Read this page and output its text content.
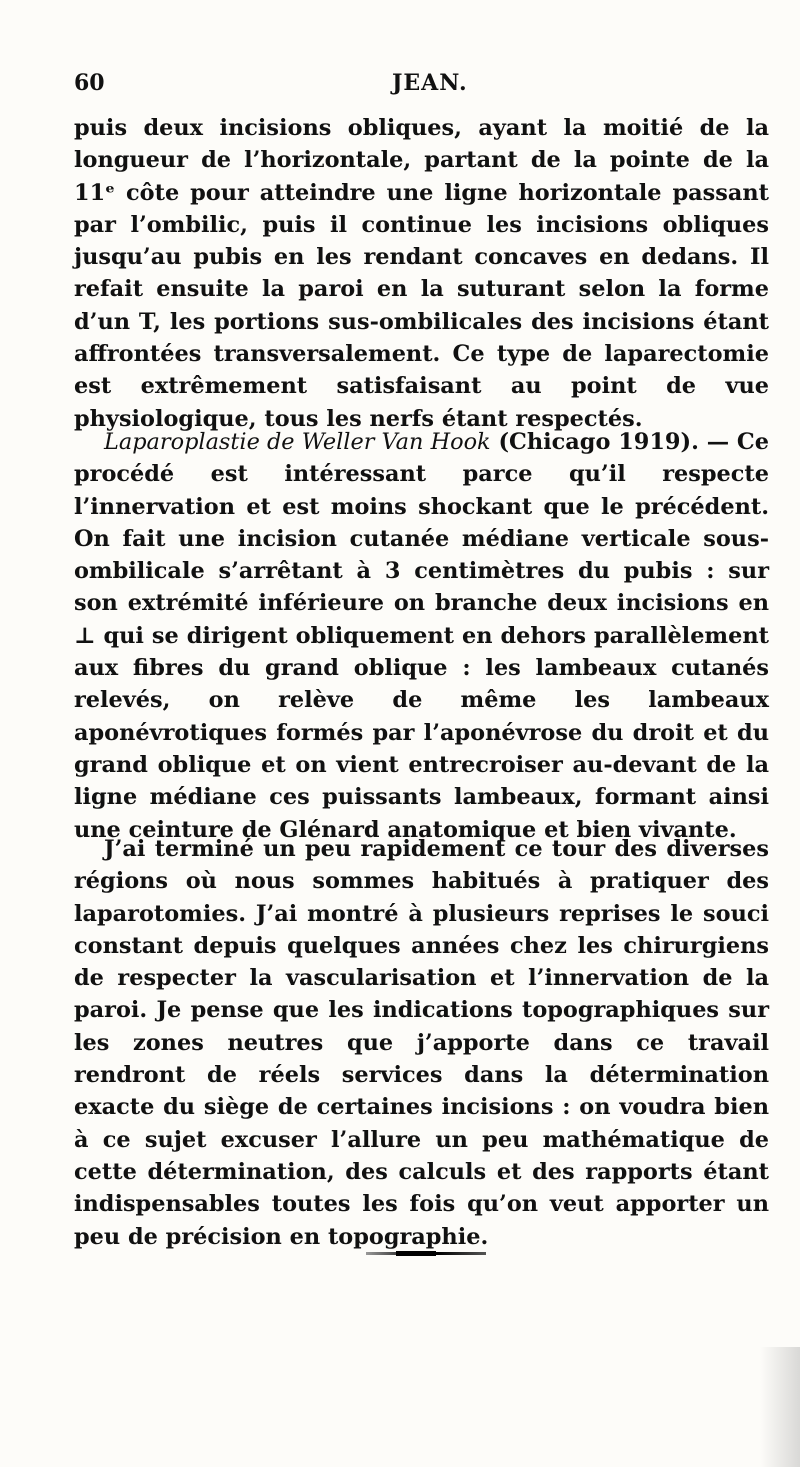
60	JEAN.

puis deux incisions obliques, ayant la moitié de la longueur de l’horizontale, partant de la pointe de la 11ᵉ côte pour atteindre une ligne horizontale passant par l’ombilic, puis il continue les incisions obliques jusqu’au pubis en les rendant concaves en dedans. Il refait ensuite la paroi en la suturant selon la forme d’un T, les portions sus-ombilicales des incisions étant affrontées transversalement. Ce type de laparectomie est extrêmement satisfaisant au point de vue physiologique, tous les nerfs étant respectés.

Laparoplastie de Weller Van Hook (Chicago 1919). — Ce procédé est intéressant parce qu’il respecte l’innervation et est moins shockant que le précédent. On fait une incision cutanée médiane verticale sous-ombilicale s’arrêtant à 3 centimètres du pubis : sur son extrémité inférieure on branche deux incisions en ⊥ qui se dirigent obliquement en dehors parallèlement aux fibres du grand oblique : les lambeaux cutanés relevés, on relève de même les lambeaux aponévrotiques formés par l’aponévrose du droit et du grand oblique et on vient entrecroiser au-devant de la ligne médiane ces puissants lambeaux, formant ainsi une ceinture de Glénard anatomique et bien vivante.

J’ai terminé un peu rapidement ce tour des diverses régions où nous sommes habitués à pratiquer des laparotomies. J’ai montré à plusieurs reprises le souci constant depuis quelques années chez les chirurgiens de respecter la vascularisation et l’innervation de la paroi. Je pense que les indications topographiques sur les zones neutres que j’apporte dans ce travail rendront de réels services dans la détermination exacte du siège de certaines incisions : on voudra bien à ce sujet excuser l’allure un peu mathématique de cette détermination, des calculs et des rapports étant indispensables toutes les fois qu’on veut apporter un peu de précision en topographie.
